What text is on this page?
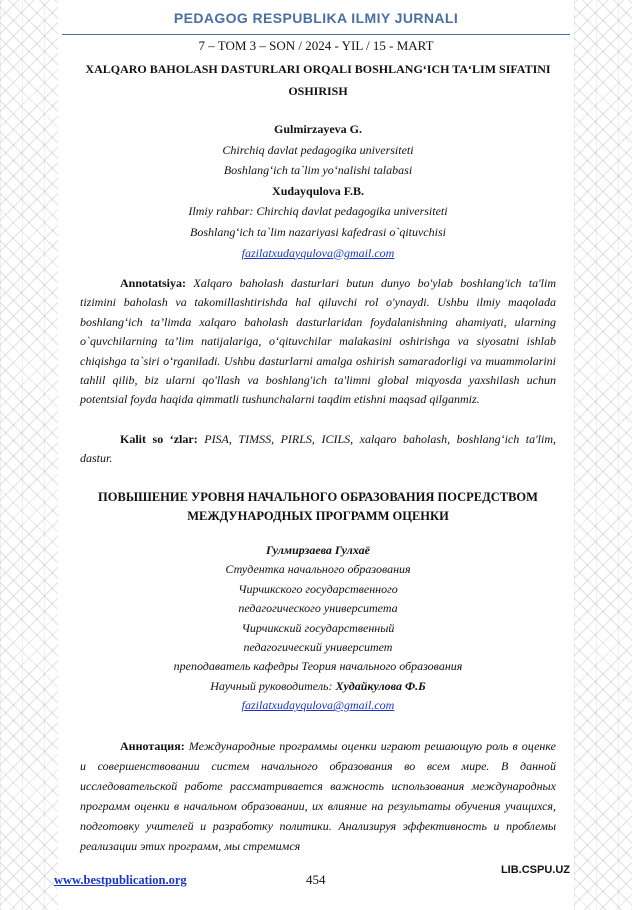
PEDAGOG RESPUBLIKA ILMIY JURNALI
7 – TOM 3 – SON / 2024 - YIL / 15 - MART
XALQARO BAHOLASH DASTURLARI ORQALI BOSHLANG‘ICH TA‘LIM SIFATINI
OSHIRISH
Gulmirzayeva G.
Chirchiq davlat pedagogika universiteti
Boshlang‘ich ta`lim yo‘nalishi talabasi
Xudayqulova F.B.
Ilmiy rahbar: Chirchiq davlat pedagogika universiteti
Boshlang‘ich ta`lim nazariyasi kafedrasi o`qituvchisi
fazilatxudayqulova@gmail.com
Annotatsiya: Xalqaro baholash dasturlari butun dunyo bo'ylab boshlang'ich ta'lim tizimini baholash va takomillashtirishda hal qiluvchi rol o'ynaydi. Ushbu ilmiy maqolada boshlang‘ich ta’limda xalqaro baholash dasturlaridan foydalanishning ahamiyati, ularning o`quvchilarning ta’lim natijalariga, o‘qituvchilar malakasini oshirishga va siyosatni ishlab chiqishga ta`siri o‘rganiladi. Ushbu dasturlarni amalga oshirish samaradorligi va muammolarini tahlil qilib, biz ularni qo'llash va boshlang'ich ta'limni global miqyosda yaxshilash uchun potentsial foyda haqida qimmatli tushunchalarni taqdim etishni maqsad qilganmiz.
Kalit so ‘zlar: PISA, TIMSS, PIRLS, ICILS, xalqaro baholash, boshlang‘ich ta'lim, dastur.
ПОВЫШЕНИЕ УРОВНЯ НАЧАЛЬНОГО ОБРАЗОВАНИЯ ПОСРЕДСТВОМ
МЕЖДУНАРОДНЫХ ПРОГРАММ ОЦЕНКИ
Гулмирзаева Гулхаё
Студентка начального образования
Чирчикского государственного
педагогического университета
Чирчикский государственный
педагогический университет
преподаватель кафедры Теория начального образования
Научный руководитель: Худайкулова Ф.Б
fazilatxudayqulova@gmail.com
Аннотация: Международные программы оценки играют решающую роль в оценке и совершенствовании систем начального образования во всем мире. В данной исследовательской работе рассматривается важность использования международных программ оценки в начальном образовании, их влияние на результаты обучения учащихся, подготовку учителей и разработку политики. Анализируя эффективность и проблемы реализации этих программ, мы стремимся
www.bestpublication.org	454
LIB.CSPU.UZ
